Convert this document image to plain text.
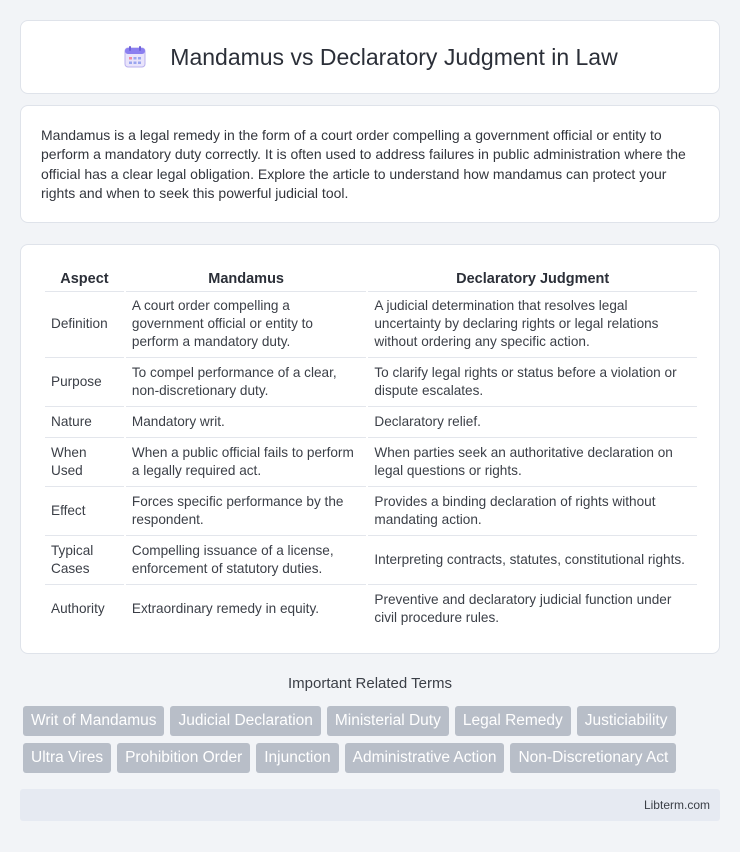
Mandamus vs Declaratory Judgment in Law

Mandamus is a legal remedy in the form of a court order compelling a government official or entity to perform a mandatory duty correctly. It is often used to address failures in public administration where the official has a clear legal obligation. Explore the article to understand how mandamus can protect your rights and when to seek this powerful judicial tool.

Aspect	Mandamus	Declaratory Judgment
Definition	A court order compelling a government official or entity to perform a mandatory duty.	A judicial determination that resolves legal uncertainty by declaring rights or legal relations without ordering any specific action.
Purpose	To compel performance of a clear, non-discretionary duty.	To clarify legal rights or status before a violation or dispute escalates.
Nature	Mandatory writ.	Declaratory relief.
When Used	When a public official fails to perform a legally required act.	When parties seek an authoritative declaration on legal questions or rights.
Effect	Forces specific performance by the respondent.	Provides a binding declaration of rights without mandating action.
Typical Cases	Compelling issuance of a license, enforcement of statutory duties.	Interpreting contracts, statutes, constitutional rights.
Authority	Extraordinary remedy in equity.	Preventive and declaratory judicial function under civil procedure rules.
Important Related Terms
Writ of Mandamus	Judicial Declaration	Ministerial Duty	Legal Remedy	Justiciability
Ultra Vires	Prohibition Order	Injunction	Administrative Action	Non-Discretionary Act
Libterm.com
